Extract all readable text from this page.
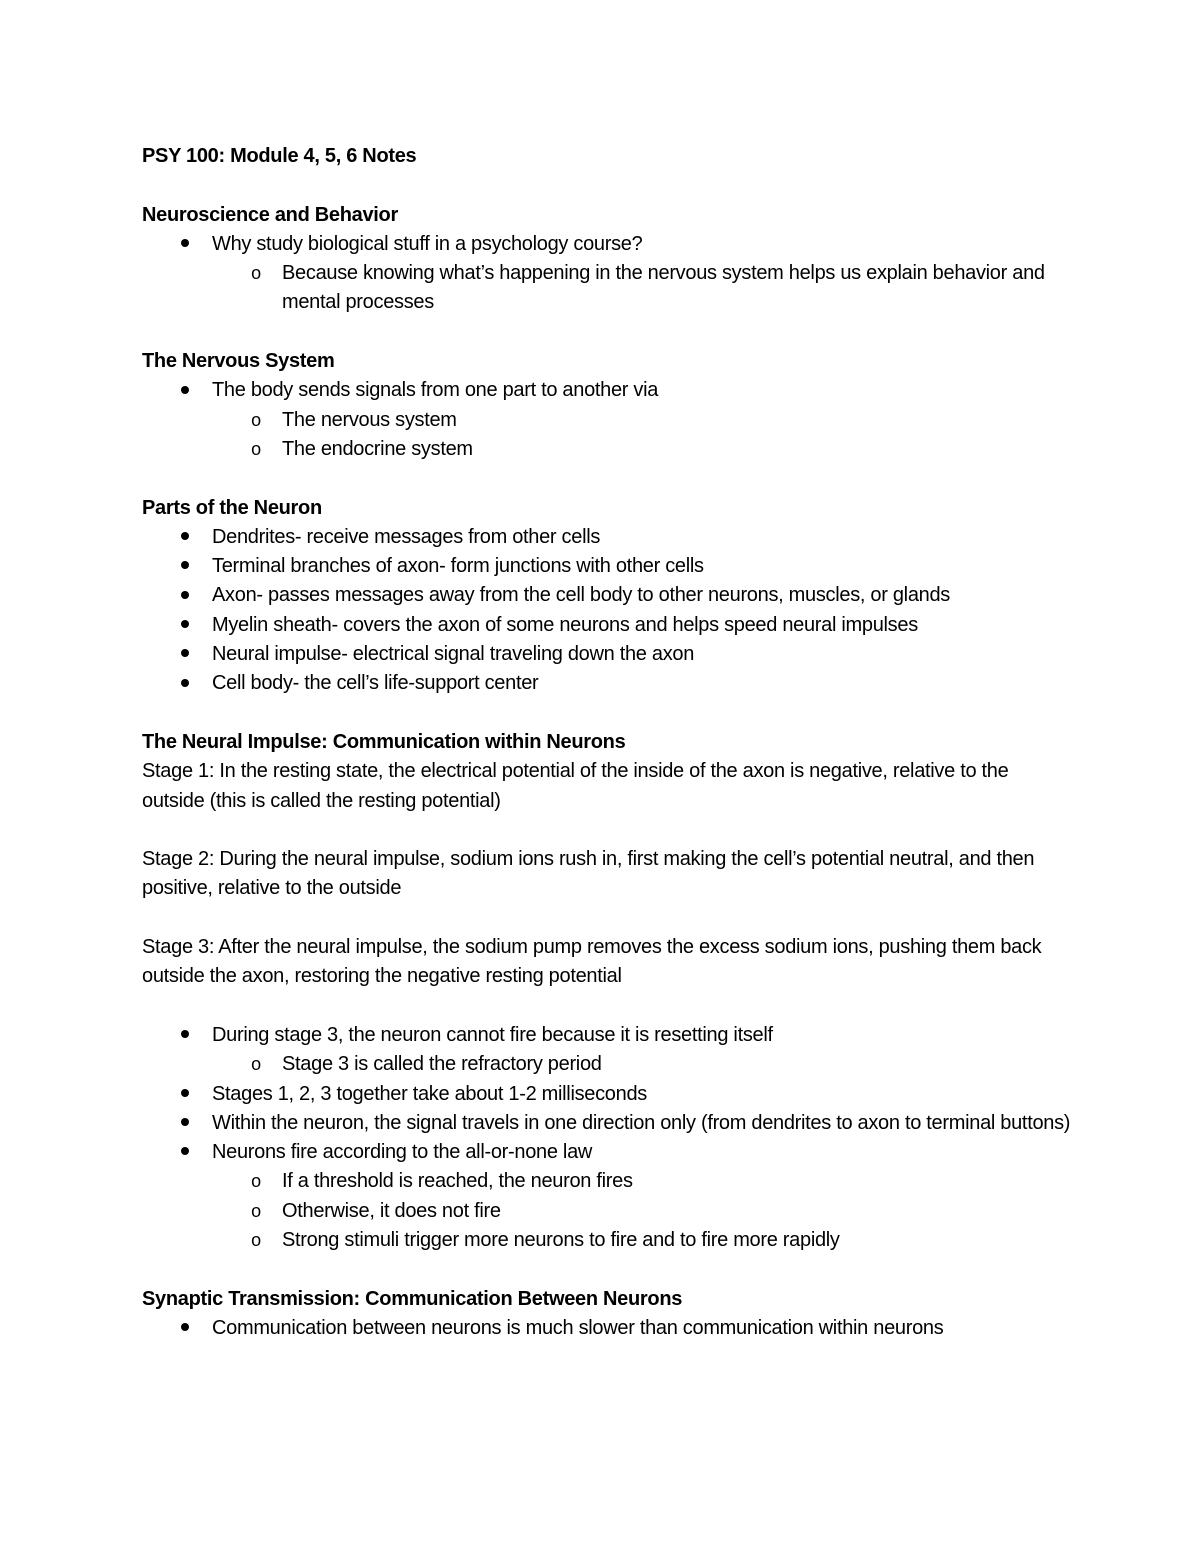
PSY 100: Module 4, 5, 6 Notes

Neuroscience and Behavior

Why study biological stuff in a psychology course?
o Because knowing what’s happening in the nervous system helps us explain behavior and mental processes

The Nervous System

The body sends signals from one part to another via
o The nervous system
o The endocrine system

Parts of the Neuron

Dendrites- receive messages from other cells
Terminal branches of axon- form junctions with other cells
Axon- passes messages away from the cell body to other neurons, muscles, or glands
Myelin sheath- covers the axon of some neurons and helps speed neural impulses
Neural impulse- electrical signal traveling down the axon
Cell body- the cell’s life-support center

The Neural Impulse: Communication within Neurons

Stage 1: In the resting state, the electrical potential of the inside of the axon is negative, relative to the outside (this is called the resting potential)

Stage 2: During the neural impulse, sodium ions rush in, first making the cell’s potential neutral, and then positive, relative to the outside

Stage 3: After the neural impulse, the sodium pump removes the excess sodium ions, pushing them back outside the axon, restoring the negative resting potential

During stage 3, the neuron cannot fire because it is resetting itself
o Stage 3 is called the refractory period
Stages 1, 2, 3 together take about 1-2 milliseconds
Within the neuron, the signal travels in one direction only (from dendrites to axon to terminal buttons)
Neurons fire according to the all-or-none law
o If a threshold is reached, the neuron fires
o Otherwise, it does not fire
o Strong stimuli trigger more neurons to fire and to fire more rapidly

Synaptic Transmission: Communication Between Neurons

Communication between neurons is much slower than communication within neurons
